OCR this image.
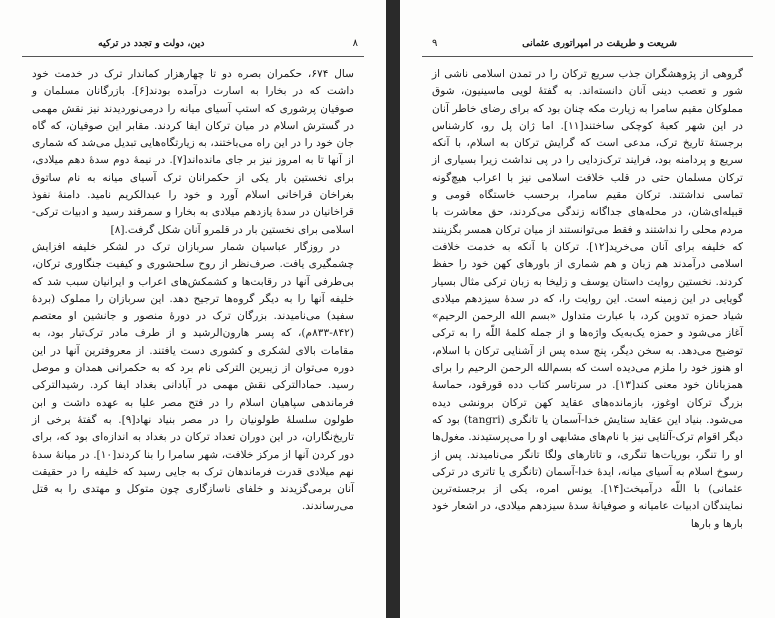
۸
دین، دولت و تجدد در ترکیه

سال ۶۷۴، حکمران بصره دو تا چهارهزار کماندار ترک در خدمت خود داشت که در بخارا به اسارت درآمده بودند[۶]. بازرگانان مسلمان و صوفیان پرشوری که استپ آسیای میانه را درمی‌نوردیدند نیز نقش مهمی در گسترش اسلام در میان ترکان ایفا کردند. مقابر این صوفیان، که گاه جان خود را در این راه می‌باختند، به زیارتگاه‌هایی تبدیل می‌شد که شماری از آنها تا به امروز نیز بر جای مانده‌اند[۷]. در نیمهٔ دوم سدهٔ دهم میلادی، برای نخستین بار یکی از حکمرانان ترک آسیای میانه به نام ساتوق بغراخان قراخانی اسلام آورد و خود را عبدالکریم نامید. دامنهٔ نفوذ قراخانیان در سدهٔ یازدهم میلادی به بخارا و سمرقند رسید و ادبیات ترکی-اسلامی برای نخستین بار در قلمرو آنان شکل گرفت.[۸]

در روزگار عباسیان شمار سربازان ترک در لشکر خلیفه افزایش چشمگیری یافت. صرف‌نظر از روح سلحشوری و کیفیت جنگاوری ترکان، بی‌طرفی آنها در رقابت‌ها و کشمکش‌های اعراب و ایرانیان سبب شد که خلیفه آنها را به دیگر گروه‌ها ترجیح دهد. این سربازان را مملوک (بردهٔ سفید) می‌نامیدند. بزرگان ترک در دورهٔ منصور و جانشین او معتصم (۸۴۲-۸۳۳م)، که پسر هارون‌الرشید و از طرف مادر ترک‌تبار بود، به مقامات بالای لشکری و کشوری دست یافتند. از معروفترین آنها در این دوره می‌توان از زیبرین الترکی نام برد که به حکمرانی همدان و موصل رسید. حمادالترکی نقش مهمی در آبادانی بغداد ایفا کرد. رشیدالترکی فرماندهی سپاهیان اسلام را در فتح مصر علیا به عهده داشت و ابن طولون سلسلهٔ طولونیان را در مصر بنیاد نهاد[۹]. به گفتهٔ برخی از تاریخ‌نگاران، در این دوران تعداد ترکان در بغداد به اندازه‌ای بود که، برای دور کردن آنها از مرکز خلافت، شهر سامرا را بنا کردند[۱۰]. در میانهٔ سدهٔ نهم میلادی قدرت فرماندهان ترک به جایی رسید که خلیفه را در حقیقت آنان برمی‌گزیدند و خلفای ناسازگاری چون متوکل و مهتدی را به قتل می‌رساندند.

۹	شریعت و طریقت در امپراتوری عثمانی

گروهی از پژوهشگران جذب سریع ترکان را در تمدن اسلامی ناشی از شور و تعصب دینی آنان دانسته‌اند. به گفتهٔ لویی ماسینیون، شوق مملوکان مقیم سامرا به زیارت مکه چنان بود که برای رضای خاطر آنان در این شهر کعبهٔ کوچکی ساختند[۱۱]. اما ژان پل رو، کارشناس برجستهٔ تاریخ ترک، مدعی است که گرایش ترکان به اسلام، با آنکه سریع و پردامنه بود، فرایند ترک‌زدایی را در پی نداشت زیرا بسیاری از ترکان مسلمان حتی در قلب خلافت اسلامی نیز با اعراب هیچ‌گونه تماسی نداشتند. ترکان مقیم سامرا، برحسب خاستگاه قومی و قبیله‌ای‌شان، در محله‌های جداگانه زندگی می‌کردند، حق معاشرت با مردم محلی را نداشتند و فقط می‌توانستند از میان ترکان همسر بگزینند که خلیفه برای آنان می‌خرید[۱۲]. ترکان با آنکه به خدمت خلافت اسلامی درآمدند هم زبان و هم شماری از باورهای کهن خود را حفظ کردند. نخستین روایت داستان یوسف و زلیخا به زبان ترکی مثال بسیار گویایی در این زمینه است. این روایت را، که در سدهٔ سیزدهم میلادی شیاد حمزه تدوین کرد، با عبارت متداول «بسم الله الرحمن الرحیم» آغاز می‌شود و حمزه یک‌به‌یک واژه‌ها و از جمله کلمهٔ اللّه را به ترکی توضیح می‌دهد. به سخن دیگر، پنج سده پس از آشنایی ترکان با اسلام، او هنوز خود را ملزم می‌دیده است که بسم‌الله الرحمن الرحیم را برای همزبانان خود معنی کند[۱۳]. در سرتاسر کتاب دده قورقود، حماسهٔ بزرگ ترکان اوغوز، بازمانده‌های عقاید کهن ترکان برونشی دیده می‌شود. بنیاد این عقاید ستایش خدا-آسمان یا تانگری (tangri) بود که دیگر اقوام ترک-آلتایی نیز با نام‌های مشابهی او را می‌پرستیدند. مغول‌ها او را تنگر، بوریات‌ها تنگری، و تاتارهای ولگا تانگر می‌نامیدند. پس از رسوخ اسلام به آسیای میانه، ایدهٔ خدا-آسمان (تانگری یا تاتری در ترکی عثمانی) با اللّه درآمیخت[۱۴]. یونس امره، یکی از برجسته‌ترین نمایندگان ادبیات عامیانه و صوفیانهٔ سدهٔ سیزدهم میلادی، در اشعار خود بارها و بارها
